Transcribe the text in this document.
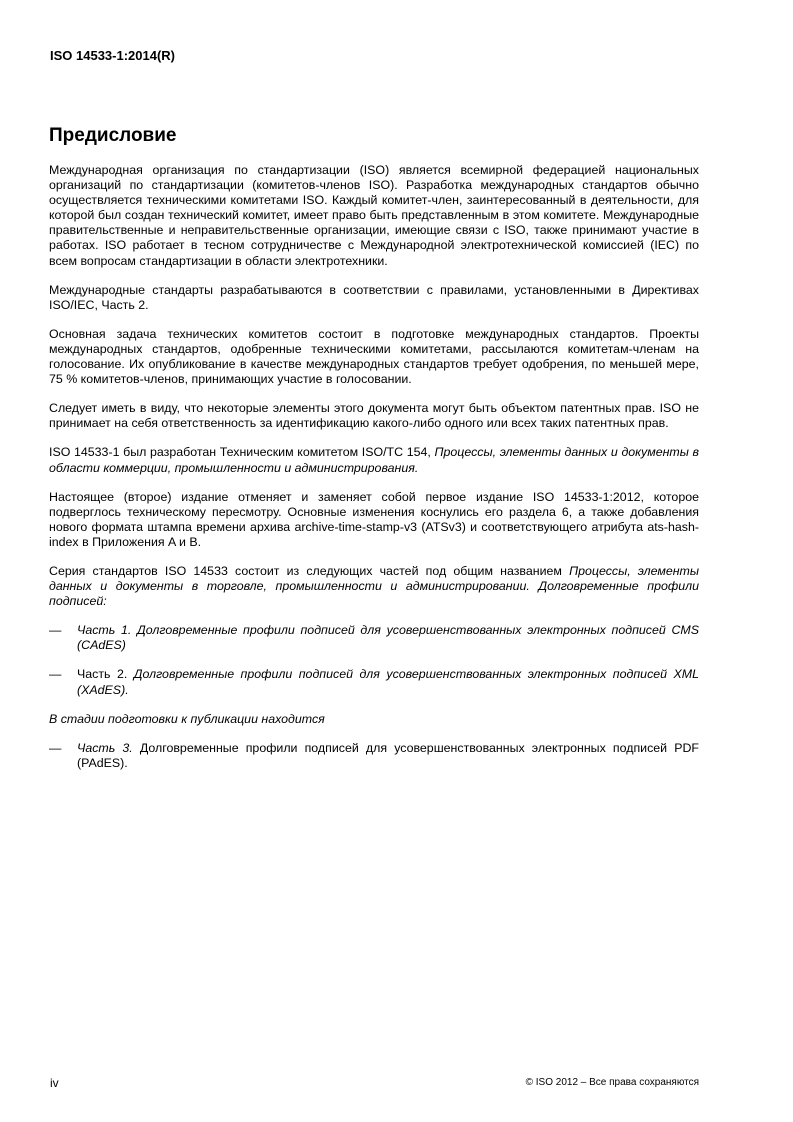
ISO 14533-1:2014(R)
Предисловие

Международная организация по стандартизации (ISO) является всемирной федерацией национальных организаций по стандартизации (комитетов-членов ISO). Разработка международных стандартов обычно осуществляется техническими комитетами ISO. Каждый комитет-член, заинтересованный в деятельности, для которой был создан технический комитет, имеет право быть представленным в этом комитете. Международные правительственные и неправительственные организации, имеющие связи с ISO, также принимают участие в работах. ISO работает в тесном сотрудничестве с Международной электротехнической комиссией (IEC) по всем вопросам стандартизации в области электротехники.

Международные стандарты разрабатываются в соответствии с правилами, установленными в Директивах ISO/IEC, Часть 2.

Основная задача технических комитетов состоит в подготовке международных стандартов. Проекты международных стандартов, одобренные техническими комитетами, рассылаются комитетам-членам на голосование. Их опубликование в качестве международных стандартов требует одобрения, по меньшей мере, 75 % комитетов-членов, принимающих участие в голосовании.

Следует иметь в виду, что некоторые элементы этого документа могут быть объектом патентных прав. ISO не принимает на себя ответственность за идентификацию какого-либо одного или всех таких патентных прав.

ISO 14533-1 был разработан Техническим комитетом ISO/TC 154, Процессы, элементы данных и документы в области коммерции, промышленности и администрирования.

Настоящее (второе) издание отменяет и заменяет собой первое издание ISO 14533-1:2012, которое подверглось техническому пересмотру. Основные изменения коснулись его раздела 6, а также добавления нового формата штампа времени архива archive-time-stamp-v3 (ATSv3) и соответствующего атрибута ats-hash-index в Приложения A и B.

Серия стандартов ISO 14533 состоит из следующих частей под общим названием Процессы, элементы данных и документы в торговле, промышленности и администрировании. Долговременные профили подписей:

—	Часть 1. Долговременные профили подписей для усовершенствованных электронных подписей CMS (CAdES)
—	Часть 2. Долговременные профили подписей для усовершенствованных электронных подписей XML (XAdES).

В стадии подготовки к публикации находится

—	Часть 3. Долговременные профили подписей для усовершенствованных электронных подписей PDF (PAdES).
iv	© ISO 2012 – Все права сохраняются
